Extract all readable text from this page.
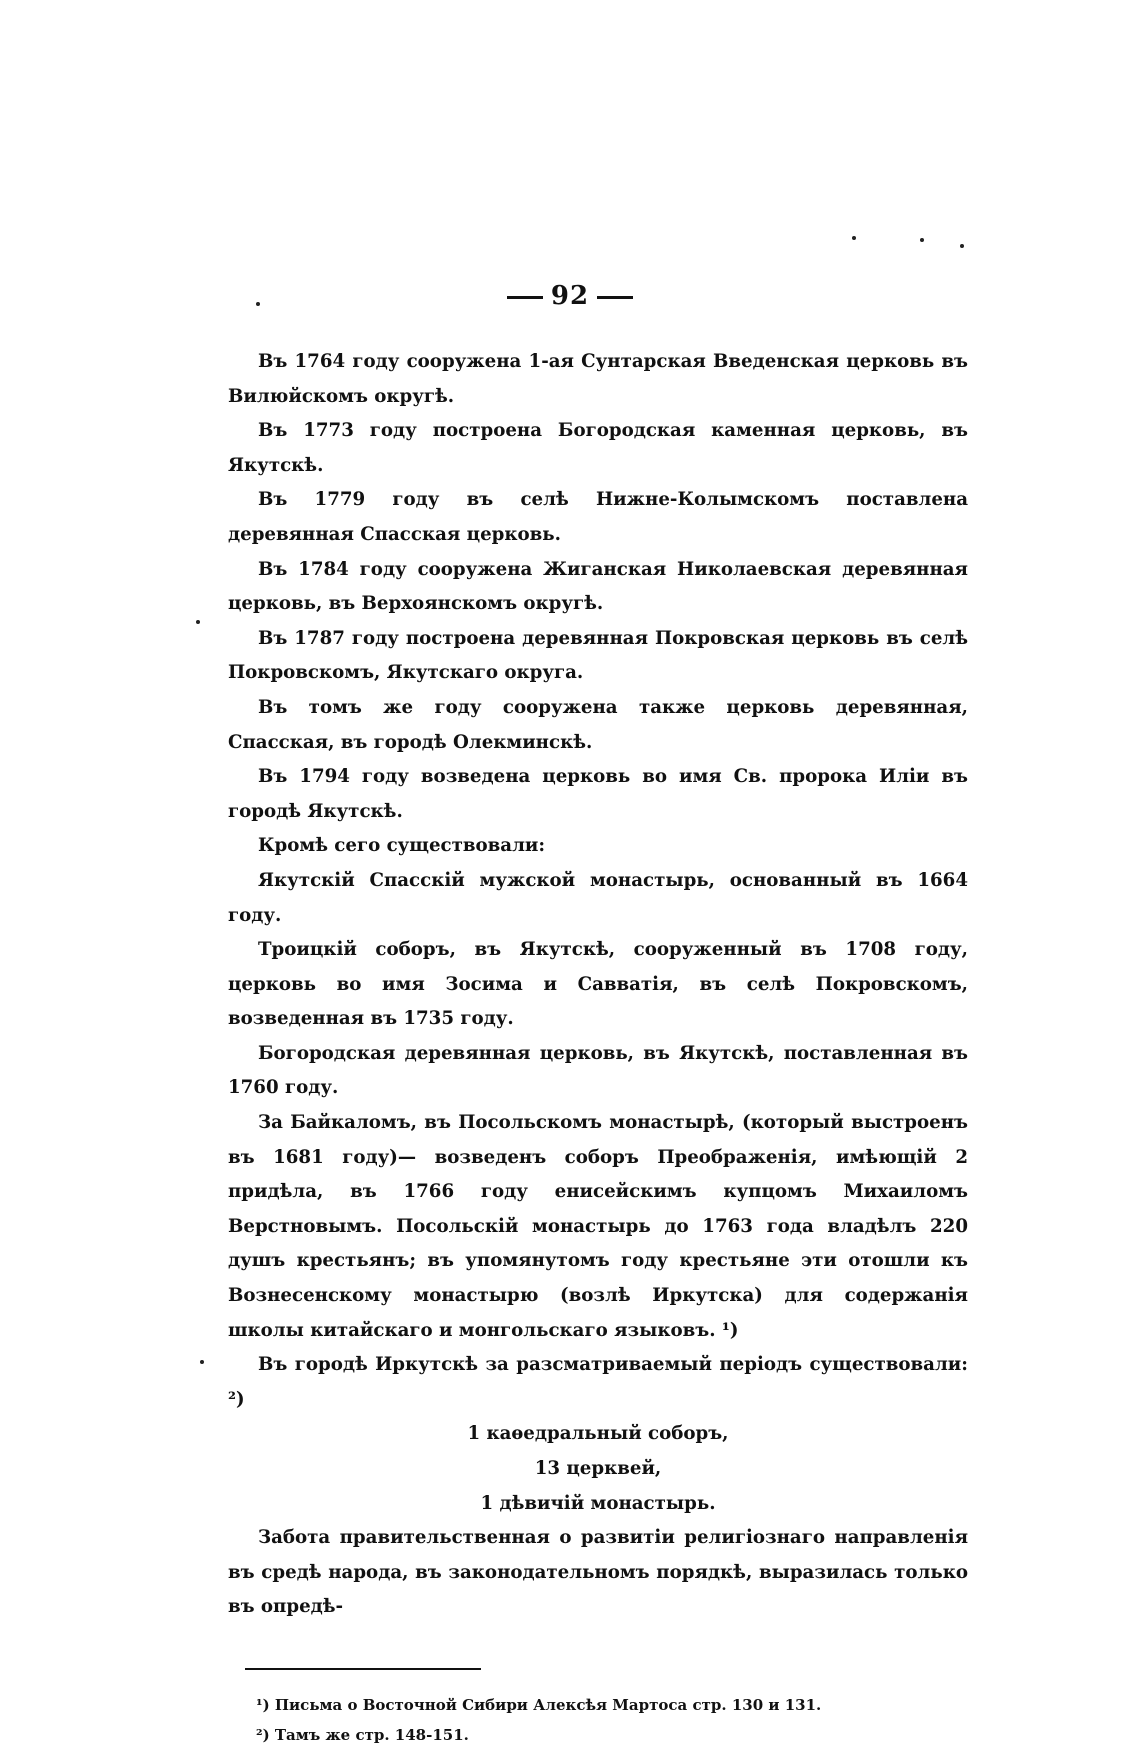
92

Въ 1764 году сооружена 1-ая Сунтарская Введенская церковь въ Вилюйскомъ округѣ.

Въ 1773 году построена Богородская каменная церковь, въ Якутскѣ.

Въ 1779 году въ селѣ Нижне-Колымскомъ поставлена деревянная Спасская церковь.

Въ 1784 году сооружена Жиганская Николаевская деревянная церковь, въ Верхоянскомъ округѣ.

Въ 1787 году построена деревянная Покровская церковь въ селѣ Покровскомъ, Якутскаго округа.

Въ томъ же году сооружена также церковь деревянная, Спасская, въ городѣ Олекминскѣ.

Въ 1794 году возведена церковь во имя Св. пророка Иліи въ городѣ Якутскѣ.

Кромѣ сего существовали:

Якутскій Спасскій мужской монастырь, основанный въ 1664 году.

Троицкій соборъ, въ Якутскѣ, сооруженный въ 1708 году, церковь во имя Зосима и Савватія, въ селѣ Покровскомъ, возведенная въ 1735 году.

Богородская деревянная церковь, въ Якутскѣ, поставленная въ 1760 году.

За Байкаломъ, въ Посольскомъ монастырѣ, (который выстроенъ въ 1681 году)— возведенъ соборъ Преображенія, имѣющій 2 придѣла, въ 1766 году енисейскимъ купцомъ Михаиломъ Верстновымъ. Посольскій монастырь до 1763 года владѣлъ 220 душъ крестьянъ; въ упомянутомъ году крестьяне эти отошли къ Вознесенскому монастырю (возлѣ Иркутска) для содержанія школы китайскаго и монгольскаго языковъ. ¹)

Въ городѣ Иркутскѣ за разсматриваемый періодъ существовали: ²)

1 каѳедральный соборъ,

13 церквей,

1 дѣвичій монастырь.

Забота правительственная о развитіи религіознаго направленія въ средѣ народа, въ законодательномъ порядкѣ, выразилась только въ опредѣ-

¹) Письма о Восточной Сибири Алексѣя Мартоса стр. 130 и 131.
²) Тамъ же стр. 148-151.
